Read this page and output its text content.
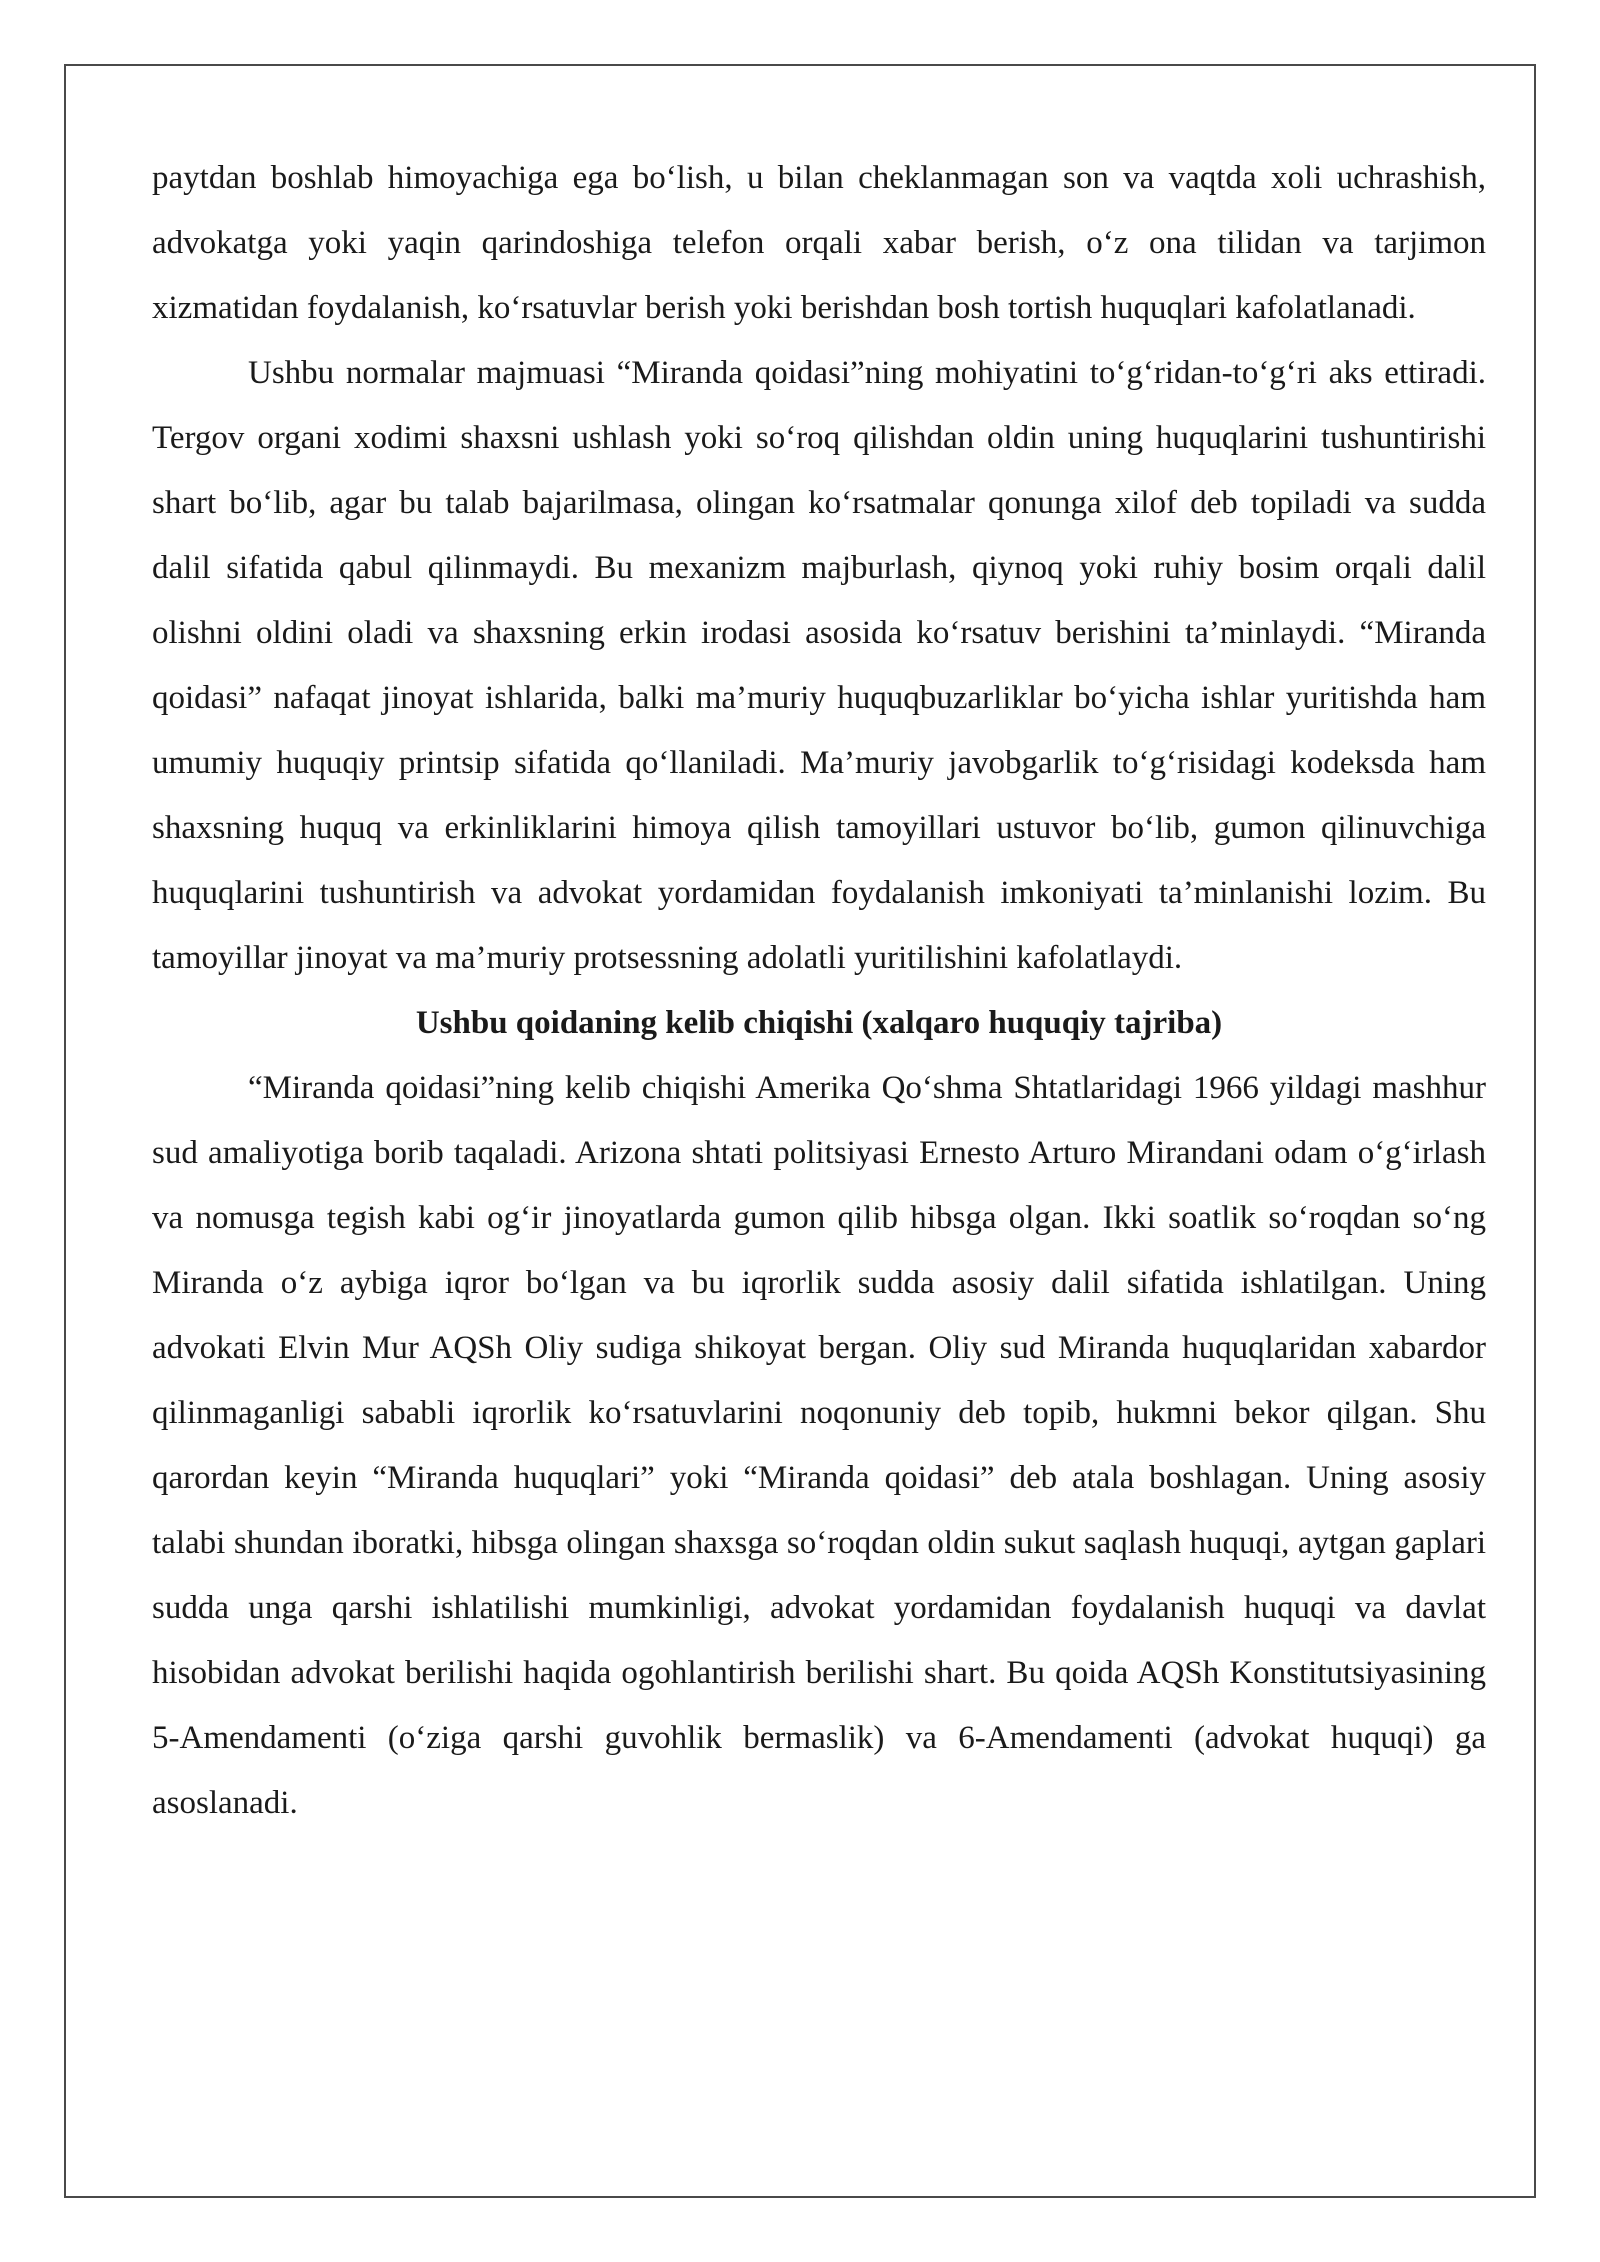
paytdan boshlab himoyachiga ega bo‘lish, u bilan cheklanmagan son va vaqtda xoli uchrashish, advokatga yoki yaqin qarindoshiga telefon orqali xabar berish, o‘z ona tilidan va tarjimon xizmatidan foydalanish, ko‘rsatuvlar berish yoki berishdan bosh tortish huquqlari kafolatlanadi.

Ushbu normalar majmuasi “Miranda qoidasi”ning mohiyatini to‘g‘ridan-to‘g‘ri aks ettiradi. Tergov organi xodimi shaxsni ushlash yoki so‘roq qilishdan oldin uning huquqlarini tushuntirishi shart bo‘lib, agar bu talab bajarilmasa, olingan ko‘rsatmalar qonunga xilof deb topiladi va sudda dalil sifatida qabul qilinmaydi. Bu mexanizm majburlash, qiynoq yoki ruhiy bosim orqali dalil olishni oldini oladi va shaxsning erkin irodasi asosida ko‘rsatuv berishini ta’minlaydi. “Miranda qoidasi” nafaqat jinoyat ishlarida, balki ma’muriy huquqbuzarliklar bo‘yicha ishlar yuritishda ham umumiy huquqiy printsip sifatida qo‘llaniladi. Ma’muriy javobgarlik to‘g‘risidagi kodeksda ham shaxsning huquq va erkinliklarini himoya qilish tamoyillari ustuvor bo‘lib, gumon qilinuvchiga huquqlarini tushuntirish va advokat yordamidan foydalanish imkoniyati ta’minlanishi lozim. Bu tamoyillar jinoyat va ma’muriy protsessning adolatli yuritilishini kafolatlaydi.

Ushbu qoidaning kelib chiqishi (xalqaro huquqiy tajriba)

“Miranda qoidasi”ning kelib chiqishi Amerika Qo‘shma Shtatlaridagi 1966 yildagi mashhur sud amaliyotiga borib taqaladi. Arizona shtati politsiyasi Ernesto Arturo Mirandani odam o‘g‘irlash va nomusga tegish kabi og‘ir jinoyatlarda gumon qilib hibsga olgan. Ikki soatlik so‘roqdan so‘ng Miranda o‘z aybiga iqror bo‘lgan va bu iqrorlik sudda asosiy dalil sifatida ishlatilgan. Uning advokati Elvin Mur AQSh Oliy sudiga shikoyat bergan. Oliy sud Miranda huquqlaridan xabardor qilinmaganligi sababli iqrorlik ko‘rsatuvlarini noqonuniy deb topib, hukmni bekor qilgan. Shu qarordan keyin “Miranda huquqlari” yoki “Miranda qoidasi” deb atala boshlagan. Uning asosiy talabi shundan iboratki, hibsga olingan shaxsga so‘roqdan oldin sukut saqlash huquqi, aytgan gaplari sudda unga qarshi ishlatilishi mumkinligi, advokat yordamidan foydalanish huquqi va davlat hisobidan advokat berilishi haqida ogohlantirish berilishi shart. Bu qoida AQSh Konstitutsiyasining 5-Amendamenti (o‘ziga qarshi guvohlik bermaslik) va 6-Amendamenti (advokat huquqi) ga asoslanadi.
